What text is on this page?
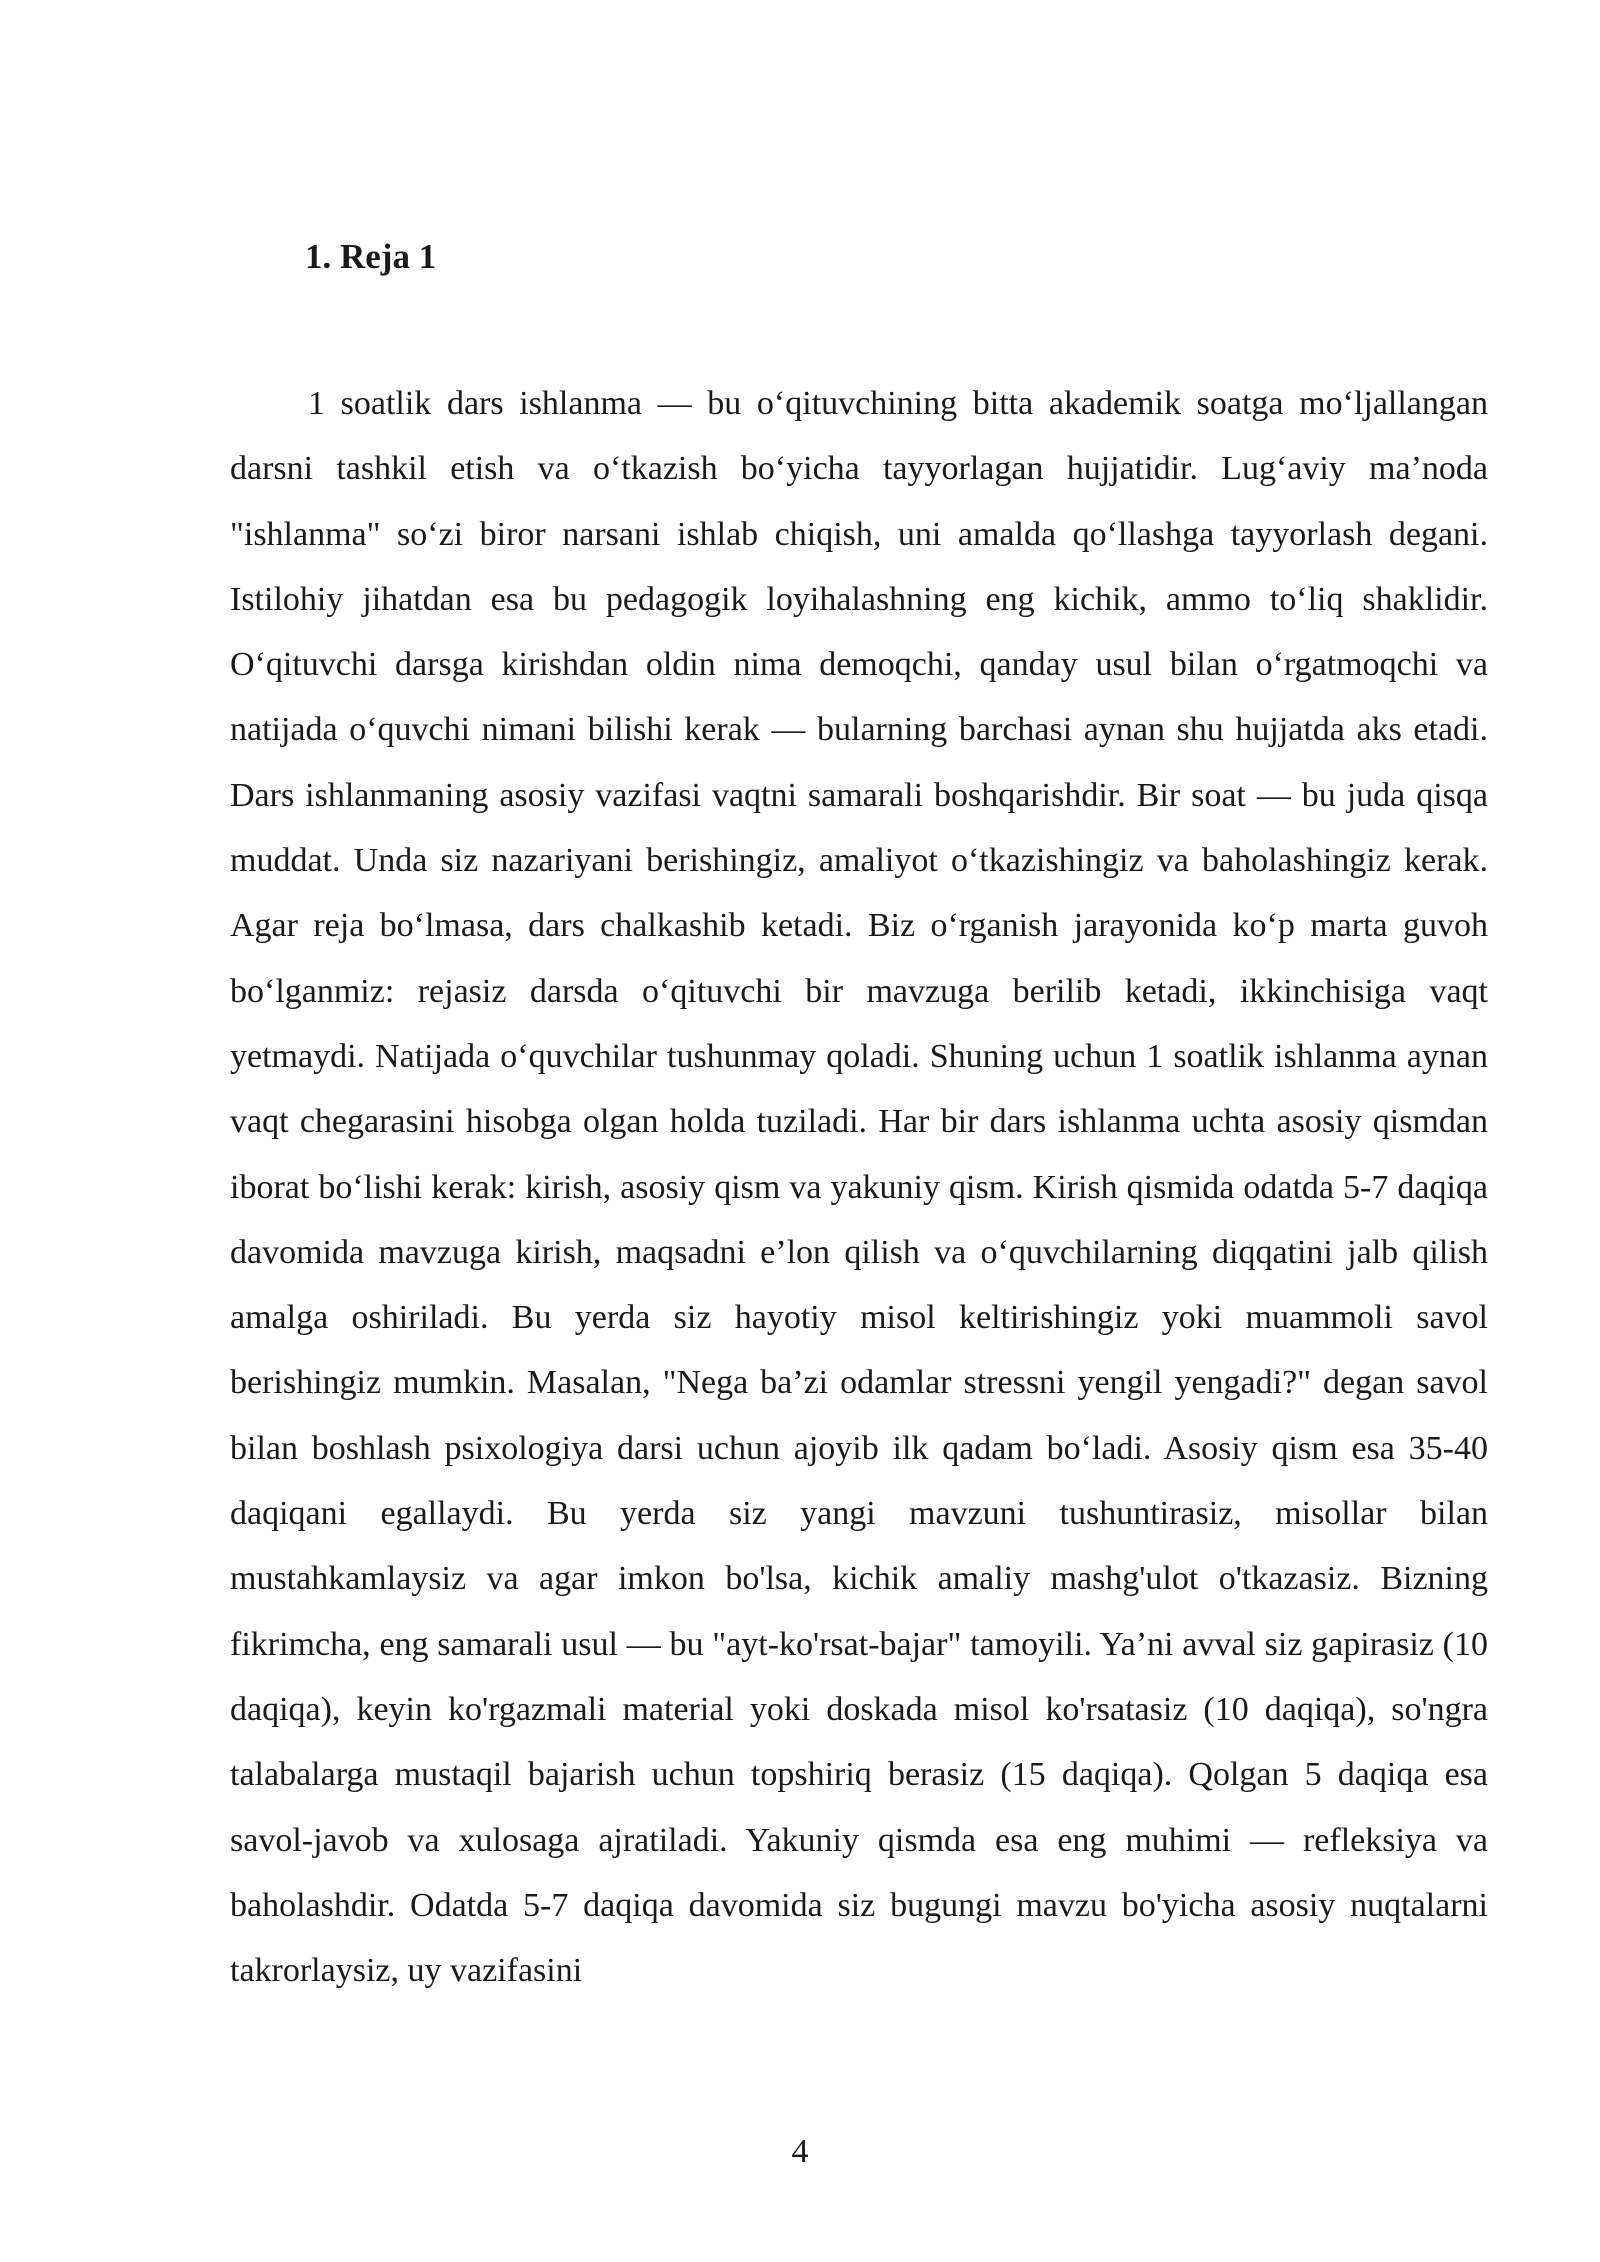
1. Reja 1

1 soatlik dars ishlanma — bu o‘qituvchining bitta akademik soatga mo‘ljallangan darsni tashkil etish va o‘tkazish bo‘yicha tayyorlagan hujjatidir. Lug‘aviy ma’noda "ishlanma" so‘zi biror narsani ishlab chiqish, uni amalda qo‘llashga tayyorlash degani. Istilohiy jihatdan esa bu pedagogik loyihalashning eng kichik, ammo to‘liq shaklidir. O‘qituvchi darsga kirishdan oldin nima demoqchi, qanday usul bilan o‘rgatmoqchi va natijada o‘quvchi nimani bilishi kerak — bularning barchasi aynan shu hujjatda aks etadi. Dars ishlanmaning asosiy vazifasi vaqtni samarali boshqarishdir. Bir soat — bu juda qisqa muddat. Unda siz nazariyani berishingiz, amaliyot o‘tkazishingiz va baholashingiz kerak. Agar reja bo‘lmasa, dars chalkashib ketadi. Biz o‘rganish jarayonida ko‘p marta guvoh bo‘lganmiz: rejasiz darsda o‘qituvchi bir mavzuga berilib ketadi, ikkinchisiga vaqt yetmaydi. Natijada o‘quvchilar tushunmay qoladi. Shuning uchun 1 soatlik ishlanma aynan vaqt chegarasini hisobga olgan holda tuziladi. Har bir dars ishlanma uchta asosiy qismdan iborat bo‘lishi kerak: kirish, asosiy qism va yakuniy qism. Kirish qismida odatda 5-7 daqiqa davomida mavzuga kirish, maqsadni e’lon qilish va o‘quvchilarning diqqatini jalb qilish amalga oshiriladi. Bu yerda siz hayotiy misol keltirishingiz yoki muammoli savol berishingiz mumkin. Masalan, "Nega ba’zi odamlar stressni yengil yengadi?" degan savol bilan boshlash psixologiya darsi uchun ajoyib ilk qadam bo‘ladi. Asosiy qism esa 35-40 daqiqani egallaydi. Bu yerda siz yangi mavzuni tushuntirasiz, misollar bilan mustahkamlaysiz va agar imkon bo'lsa, kichik amaliy mashg'ulot o'tkazasiz. Bizning fikrimcha, eng samarali usul — bu "ayt-ko'rsat-bajar" tamoyili. Ya’ni avval siz gapirasiz (10 daqiqa), keyin ko'rgazmali material yoki doskada misol ko'rsatasiz (10 daqiqa), so'ngra talabalarga mustaqil bajarish uchun topshiriq berasiz (15 daqiqa). Qolgan 5 daqiqa esa savol-javob va xulosaga ajratiladi. Yakuniy qismda esa eng muhimi — refleksiya va baholashdir. Odatda 5-7 daqiqa davomida siz bugungi mavzu bo'yicha asosiy nuqtalarni takrorlaysiz, uy vazifasini

4
